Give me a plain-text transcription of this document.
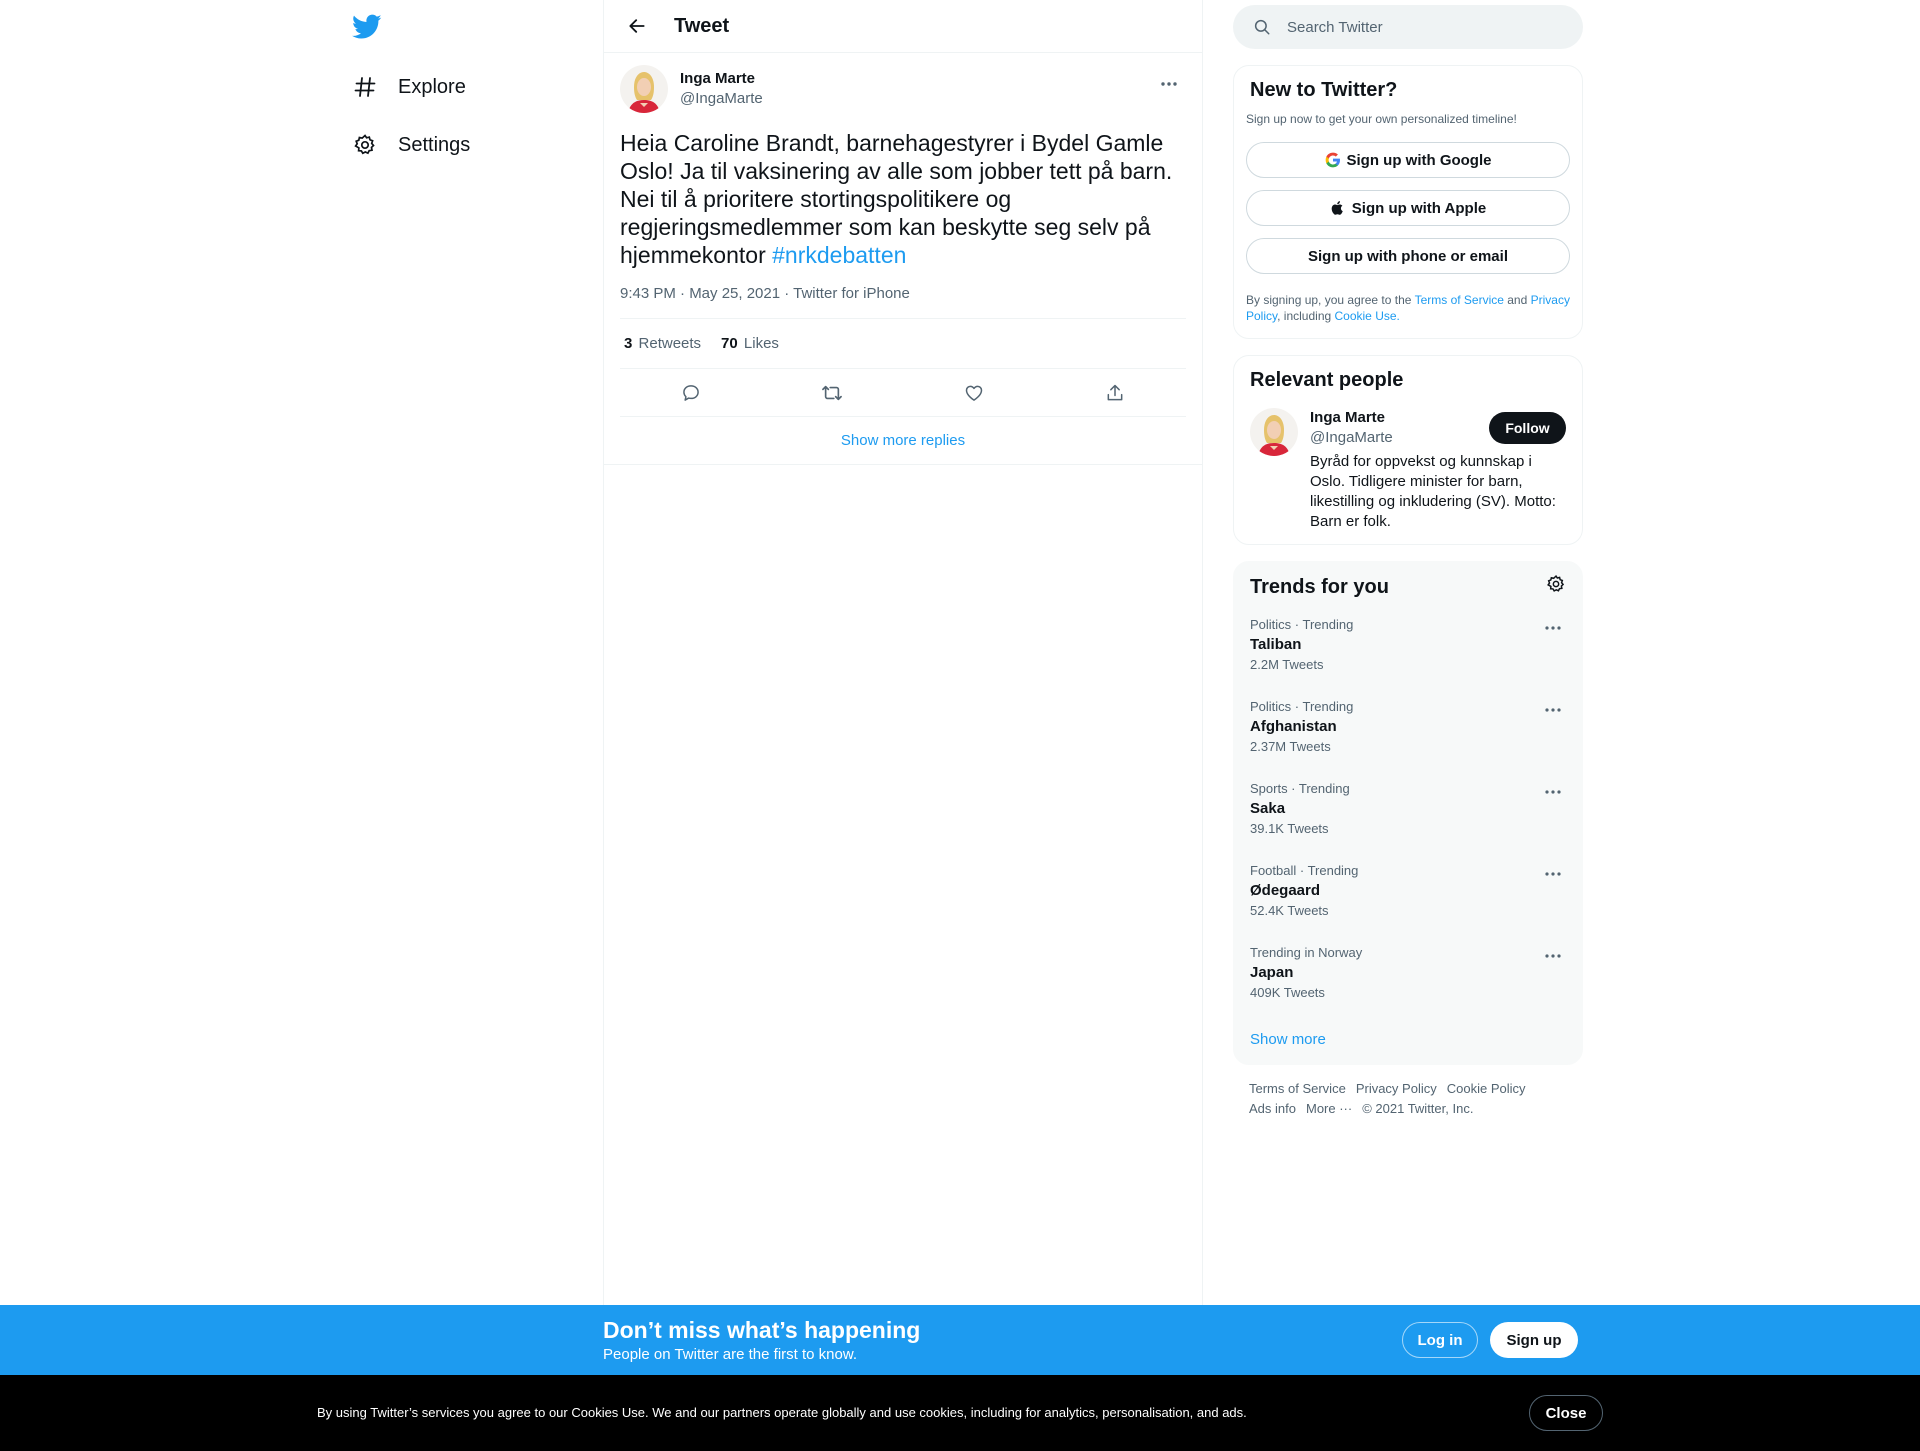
Explore
Settings
Tweet
Inga Marte
@IngaMarte
Heia Caroline Brandt, barnehagestyrer i Bydel Gamle Oslo! Ja til vaksinering av alle som jobber tett på barn. Nei til å prioritere stortingspolitikere og regjeringsmedlemmer som kan beskytte seg selv på hjemmekontor #nrkdebatten
9:43 PM · May 25, 2021 · Twitter for iPhone
3 Retweets 70 Likes
Show more replies
Search Twitter
New to Twitter?
Sign up now to get your own personalized timeline!
Sign up with Google
Sign up with Apple
Sign up with phone or email
By signing up, you agree to the Terms of Service and Privacy Policy, including Cookie Use.
Relevant people
Inga Marte
@IngaMarte
Byråd for oppvekst og kunnskap i Oslo. Tidligere minister for barn, likestilling og inkludering (SV). Motto: Barn er folk.
Follow
Trends for you
Politics · Trending
Taliban
2.2M Tweets
Politics · Trending
Afghanistan
2.37M Tweets
Sports · Trending
Saka
39.1K Tweets
Football · Trending
Ødegaard
52.4K Tweets
Trending in Norway
Japan
409K Tweets
Show more
Terms of Service Privacy Policy Cookie Policy
Ads info More ··· © 2021 Twitter, Inc.
Don’t miss what’s happening
People on Twitter are the first to know.
Log in	Sign up
By using Twitter’s services you agree to our Cookies Use. We and our partners operate globally and use cookies, including for analytics, personalisation, and ads.	Close
